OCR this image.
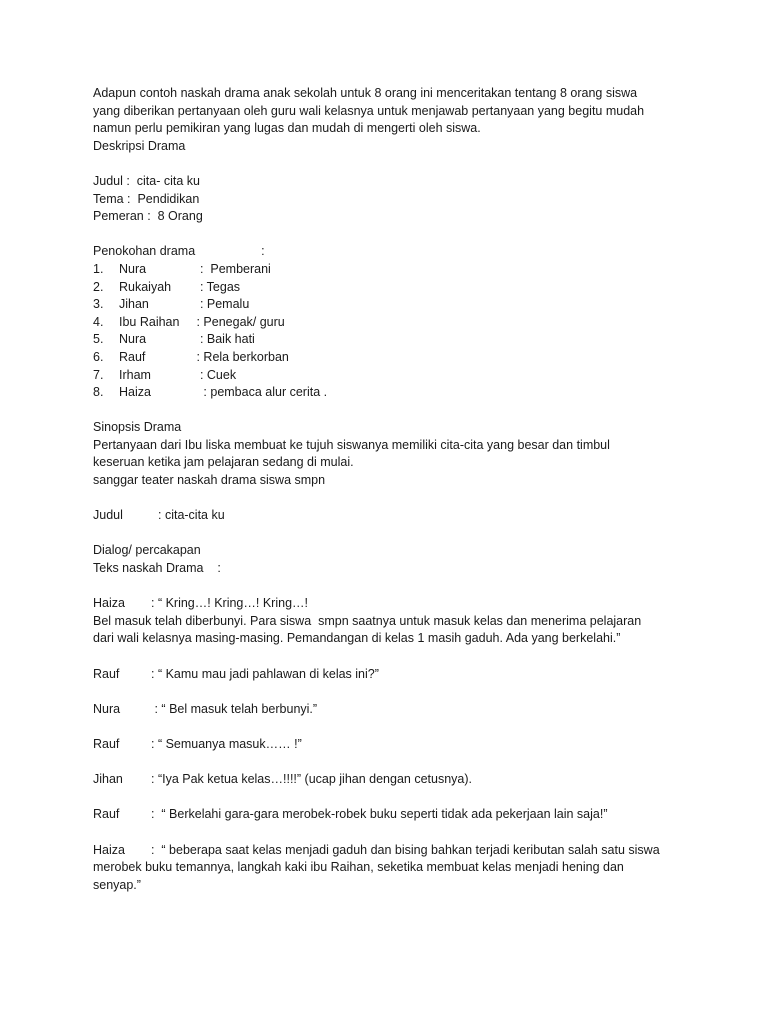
Adapun contoh naskah drama anak sekolah untuk 8 orang ini menceritakan tentang 8 orang siswa
yang diberikan pertanyaan oleh guru wali kelasnya untuk menjawab pertanyaan yang begitu mudah
namun perlu pemikiran yang lugas dan mudah di mengerti oleh siswa.
Deskripsi Drama
Judul :  cita- cita ku
Tema :  Pendidikan
Pemeran :  8 Orang
Penokohan drama                   :
1.	Nura	:  Pemberani
2.	Rukaiyah	: Tegas
3.	Jihan	: Pemalu
4.	Ibu Raihan	: Penegak/ guru
5.	Nura	: Baik hati
6.	Rauf	: Rela berkorban
7.	Irham	: Cuek
8.	Haiza	: pembaca alur cerita .
Sinopsis Drama
Pertanyaan dari Ibu liska membuat ke tujuh siswanya memiliki cita-cita yang besar dan timbul
keseruan ketika jam pelajaran sedang di mulai.
sanggar teater naskah drama siswa smpn
Judul	: cita-cita ku
Dialog/ percakapan
Teks naskah Drama    :
Haiza	: “ Kring…! Kring…! Kring…!
Bel masuk telah diberbunyi. Para siswa  smpn saatnya untuk masuk kelas dan menerima pelajaran
dari wali kelasnya masing-masing. Pemandangan di kelas 1 masih gaduh. Ada yang berkelahi.”
Rauf	: “ Kamu mau jadi pahlawan di kelas ini?”
Nura	: “ Bel masuk telah berbunyi.”
Rauf	: “ Semuanya masuk…… !”
Jihan	: “Iya Pak ketua kelas…!!!!” (ucap jihan dengan cetusnya).
Rauf	:  “ Berkelahi gara-gara merobek-robek buku seperti tidak ada pekerjaan lain saja!”
Haiza	:  “ beberapa saat kelas menjadi gaduh dan bising bahkan terjadi keributan salah satu siswa
merobek buku temannya, langkah kaki ibu Raihan, seketika membuat kelas menjadi hening dan
senyap.”
